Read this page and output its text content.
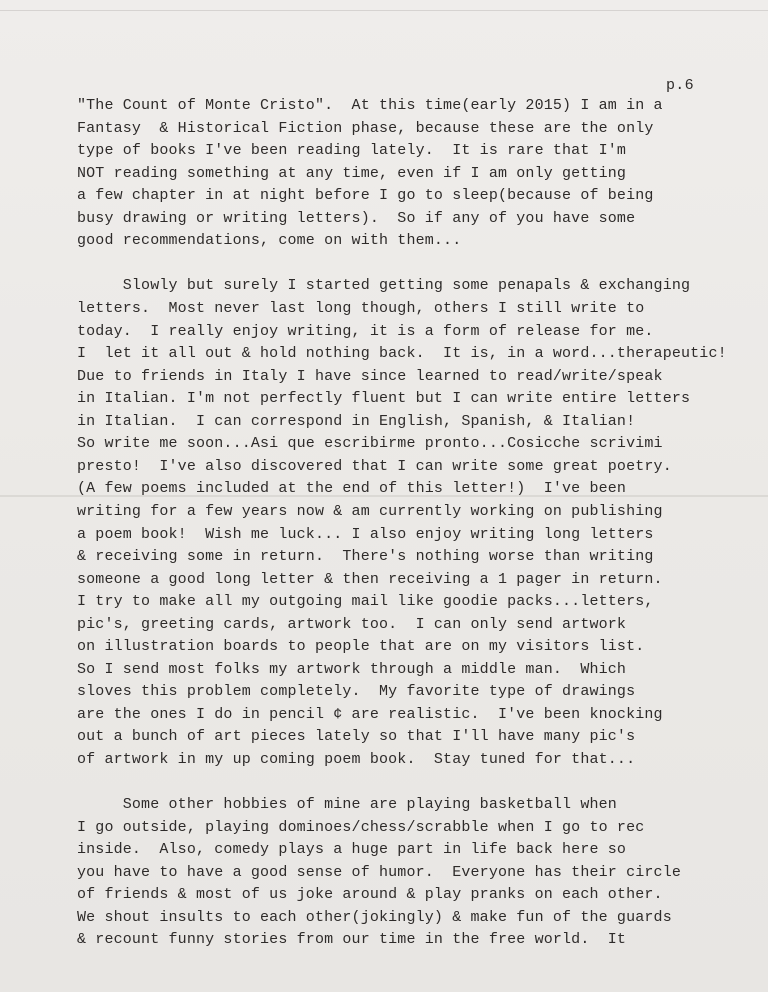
p.6
"The Count of Monte Cristo".  At this time(early 2015) I am in a
Fantasy  & Historical Fiction phase, because these are the only
type of books I've been reading lately.  It is rare that I'm
NOT reading something at any time, even if I am only getting
a few chapter in at night before I go to sleep(because of being
busy drawing or writing letters).  So if any of you have some
good recommendations, come on with them...
Slowly but surely I started getting some penapals & exchanging
letters.  Most never last long though, others I still write to
today.  I really enjoy writing, it is a form of release for me.
I  let it all out & hold nothing back.  It is, in a word...therapeutic!
Due to friends in Italy I have since learned to read/write/speak
in Italian. I'm not perfectly fluent but I can write entire letters
in Italian.  I can correspond in English, Spanish, & Italian!
So write me soon...Asi que escribirme pronto...Cosicche scrivimi
presto!  I've also discovered that I can write some great poetry.
(A few poems included at the end of this letter!)  I've been
writing for a few years now & am currently working on publishing
a poem book!  Wish me luck... I also enjoy writing long letters
& receiving some in return.  There's nothing worse than writing
someone a good long letter & then receiving a 1 pager in return.
I try to make all my outgoing mail like goodie packs...letters,
pic's, greeting cards, artwork too.  I can only send artwork
on illustration boards to people that are on my visitors list.
So I send most folks my artwork through a middle man.  Which
sloves this problem completely.  My favorite type of drawings
are the ones I do in pencil ¢ are realistic.  I've been knocking
out a bunch of art pieces lately so that I'll have many pic's
of artwork in my up coming poem book.  Stay tuned for that...
Some other hobbies of mine are playing basketball when
I go outside, playing dominoes/chess/scrabble when I go to rec
inside.  Also, comedy plays a huge part in life back here so
you have to have a good sense of humor.  Everyone has their circle
of friends & most of us joke around & play pranks on each other.
We shout insults to each other(jokingly) & make fun of the guards
& recount funny stories from our time in the free world.  It
